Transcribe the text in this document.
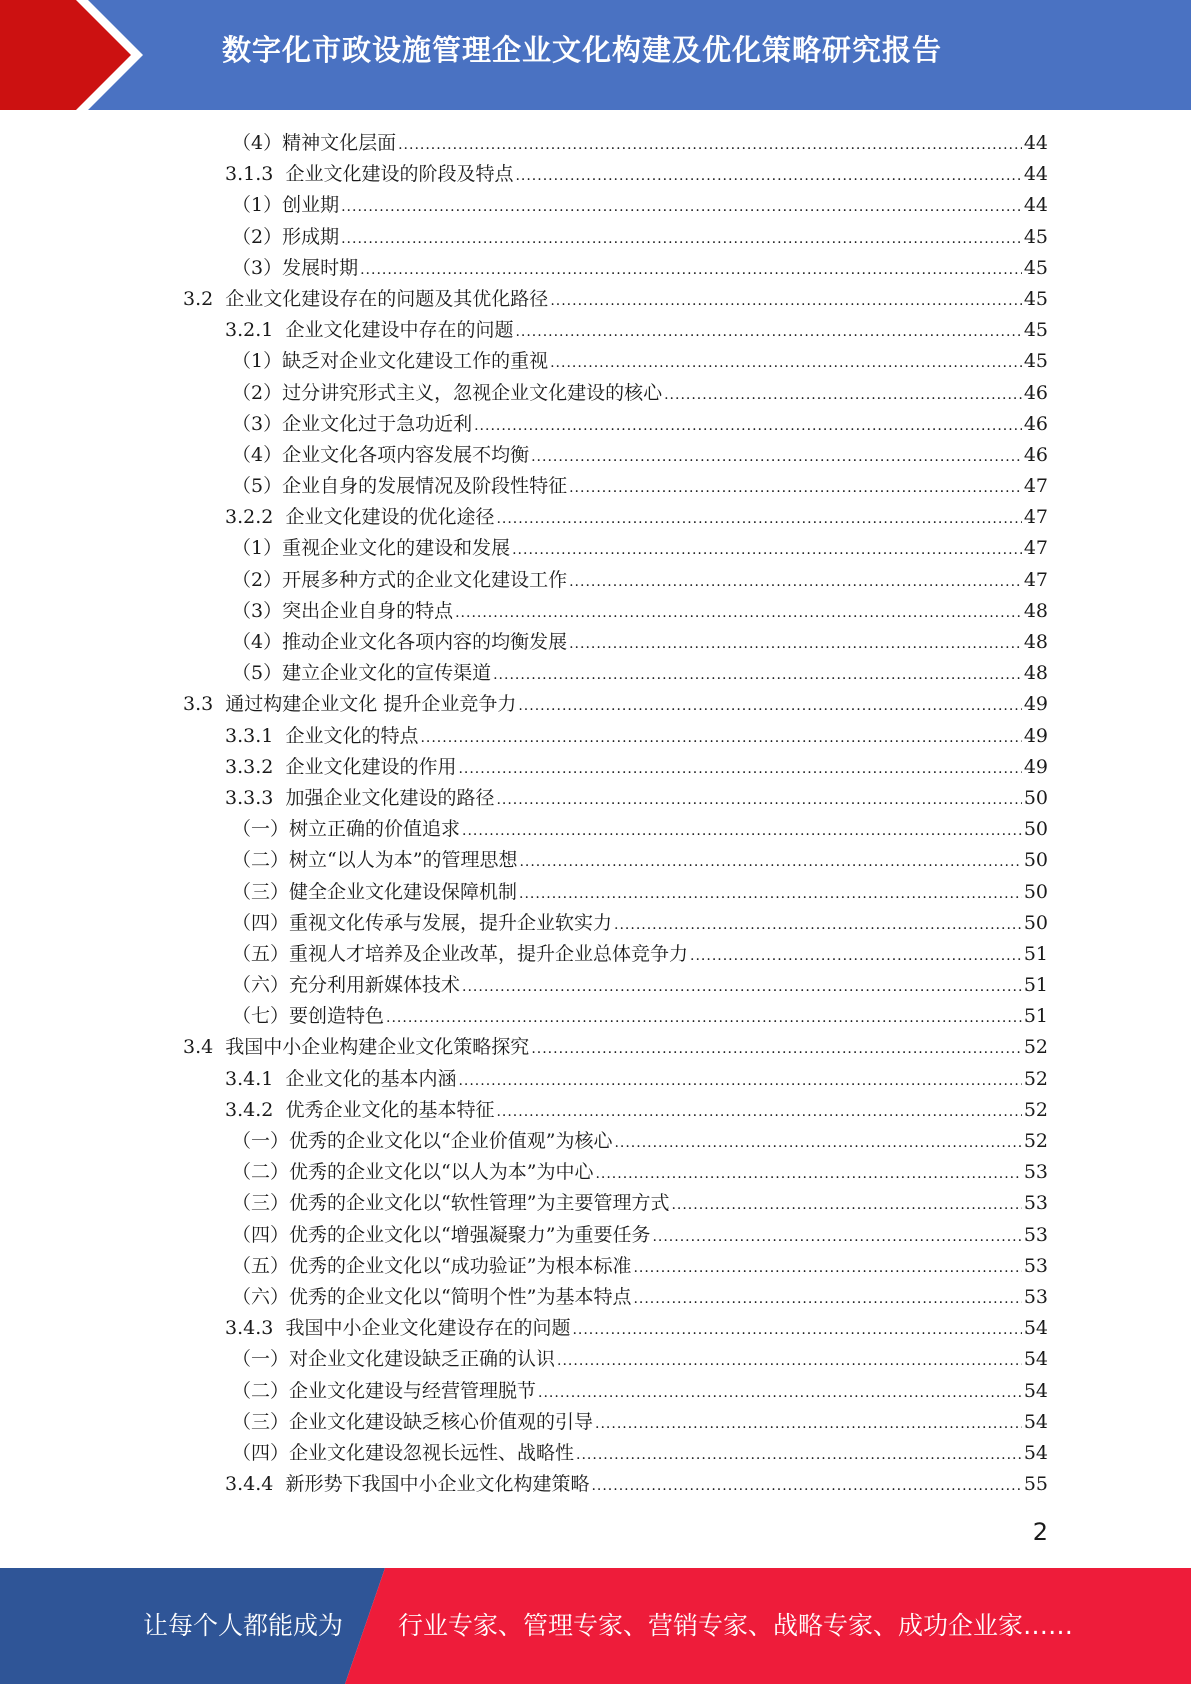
数字化市政设施管理企业文化构建及优化策略研究报告
（4） 精神文化层面 .....	44
3.1.3 企业文化建设的阶段及特点 .....	44
（1） 创业期 .....	44
（2） 形成期 .....	45
（3） 发展时期 .....	45
3.2 企业文化建设存在的问题及其优化路径 .....	45
3.2.1 企业文化建设中存在的问题 .....	45
（1） 缺乏对企业文化建设工作的重视 .....	45
（2） 过分讲究形式主义，忽视企业文化建设的核心 .....	46
（3） 企业文化过于急功近利 .....	46
（4） 企业文化各项内容发展不均衡 .....	46
（5） 企业自身的发展情况及阶段性特征 .....	47
3.2.2 企业文化建设的优化途径 .....	47
（1） 重视企业文化的建设和发展 .....	47
（2） 开展多种方式的企业文化建设工作 .....	47
（3） 突出企业自身的特点 .....	48
（4） 推动企业文化各项内容的均衡发展 .....	48
（5） 建立企业文化的宣传渠道 .....	48
3.3 通过构建企业文化 提升企业竞争力 .....	49
3.3.1 企业文化的特点 .....	49
3.3.2 企业文化建设的作用 .....	49
3.3.3 加强企业文化建设的路径 .....	50
（一） 树立正确的价值追求 .....	50
（二） 树立“以人为本”的管理思想 .....	50
（三） 健全企业文化建设保障机制 .....	50
（四） 重视文化传承与发展，提升企业软实力 .....	50
（五） 重视人才培养及企业改革，提升企业总体竞争力 .....	51
（六） 充分利用新媒体技术 .....	51
（七） 要创造特色 .....	51
3.4 我国中小企业构建企业文化策略探究 .....	52
3.4.1 企业文化的基本内涵 .....	52
3.4.2 优秀企业文化的基本特征 .....	52
（一） 优秀的企业文化以“企业价值观”为核心 .....	52
（二） 优秀的企业文化以“以人为本”为中心 .....	53
（三） 优秀的企业文化以“软性管理”为主要管理方式 .....	53
（四） 优秀的企业文化以“增强凝聚力”为重要任务 .....	53
（五） 优秀的企业文化以“成功验证”为根本标准 .....	53
（六） 优秀的企业文化以“简明个性”为基本特点 .....	53
3.4.3 我国中小企业文化建设存在的问题 .....	54
（一） 对企业文化建设缺乏正确的认识 .....	54
（二） 企业文化建设与经营管理脱节 .....	54
（三） 企业文化建设缺乏核心价值观的引导 .....	54
（四） 企业文化建设忽视长远性、战略性 .....	54
3.4.4 新形势下我国中小企业文化构建策略 .....	55
2
让每个人都能成为 行业专家、管理专家、营销专家、战略专家、成功企业家……
